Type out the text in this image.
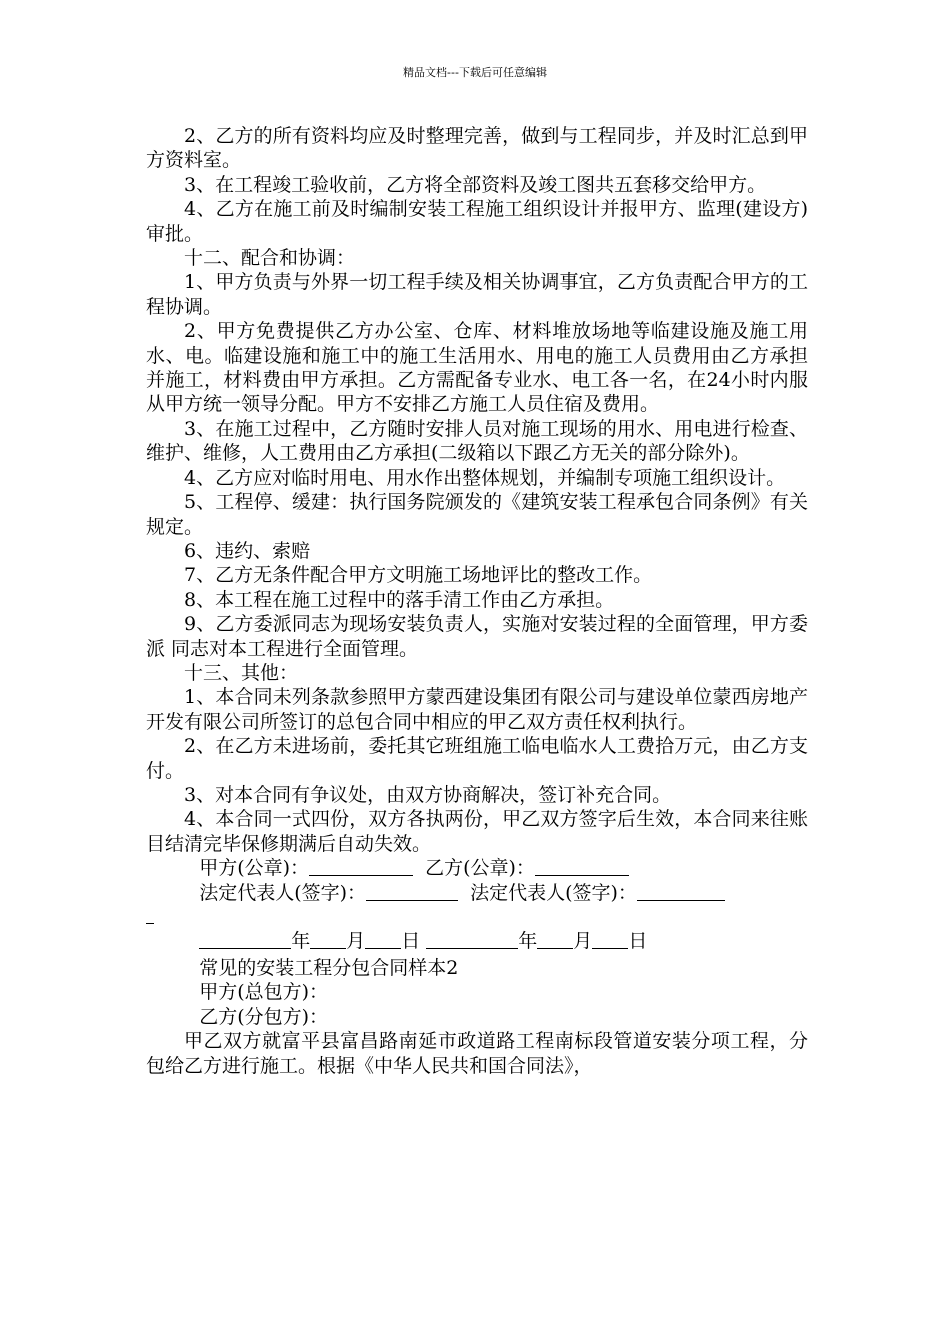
精品文档---下载后可任意编辑

2、乙方的所有资料均应及时整理完善，做到与工程同步，并及时汇总到甲方资料室。

3、在工程竣工验收前，乙方将全部资料及竣工图共五套移交给甲方。

4、乙方在施工前及时编制安装工程施工组织设计并报甲方、监理(建设方)审批。

十二、配合和协调：

1、甲方负责与外界一切工程手续及相关协调事宜，乙方负责配合甲方的工程协调。

2、甲方免费提供乙方办公室、仓库、材料堆放场地等临建设施及施工用水、电。临建设施和施工中的施工生活用水、用电的施工人员费用由乙方承担并施工，材料费由甲方承担。乙方需配备专业水、电工各一名，在24小时内服从甲方统一领导分配。甲方不安排乙方施工人员住宿及费用。

3、在施工过程中，乙方随时安排人员对施工现场的用水、用电进行检查、维护、维修，人工费用由乙方承担(二级箱以下跟乙方无关的部分除外)。

4、乙方应对临时用电、用水作出整体规划，并编制专项施工组织设计。

5、工程停、缓建：执行国务院颁发的《建筑安装工程承包合同条例》有关规定。

6、违约、索赔

7、乙方无条件配合甲方文明施工场地评比的整改工作。

8、本工程在施工过程中的落手清工作由乙方承担。

9、乙方委派同志为现场安装负责人，实施对安装过程的全面管理，甲方委派 同志对本工程进行全面管理。

十三、其他：

1、本合同未列条款参照甲方蒙西建设集团有限公司与建设单位蒙西房地产开发有限公司所签订的总包合同中相应的甲乙双方责任权利执行。

2、在乙方未进场前，委托其它班组施工临电临水人工费拾万元，由乙方支付。

3、对本合同有争议处，由双方协商解决，签订补充合同。

4、本合同一式四份，双方各执两份，甲乙双方签字后生效，本合同来往账目结清完毕保修期满后自动失效。

甲方(公章)：	乙方(公章)：

法定代表人(签字)：	法定代表人(签字)：

年 月 日	年 月 日

常见的安装工程分包合同样本2

甲方(总包方)：

乙方(分包方)：

甲乙双方就富平县富昌路南延市政道路工程南标段管道安装分项工程，分包给乙方进行施工。根据《中华人民共和国合同法》，
